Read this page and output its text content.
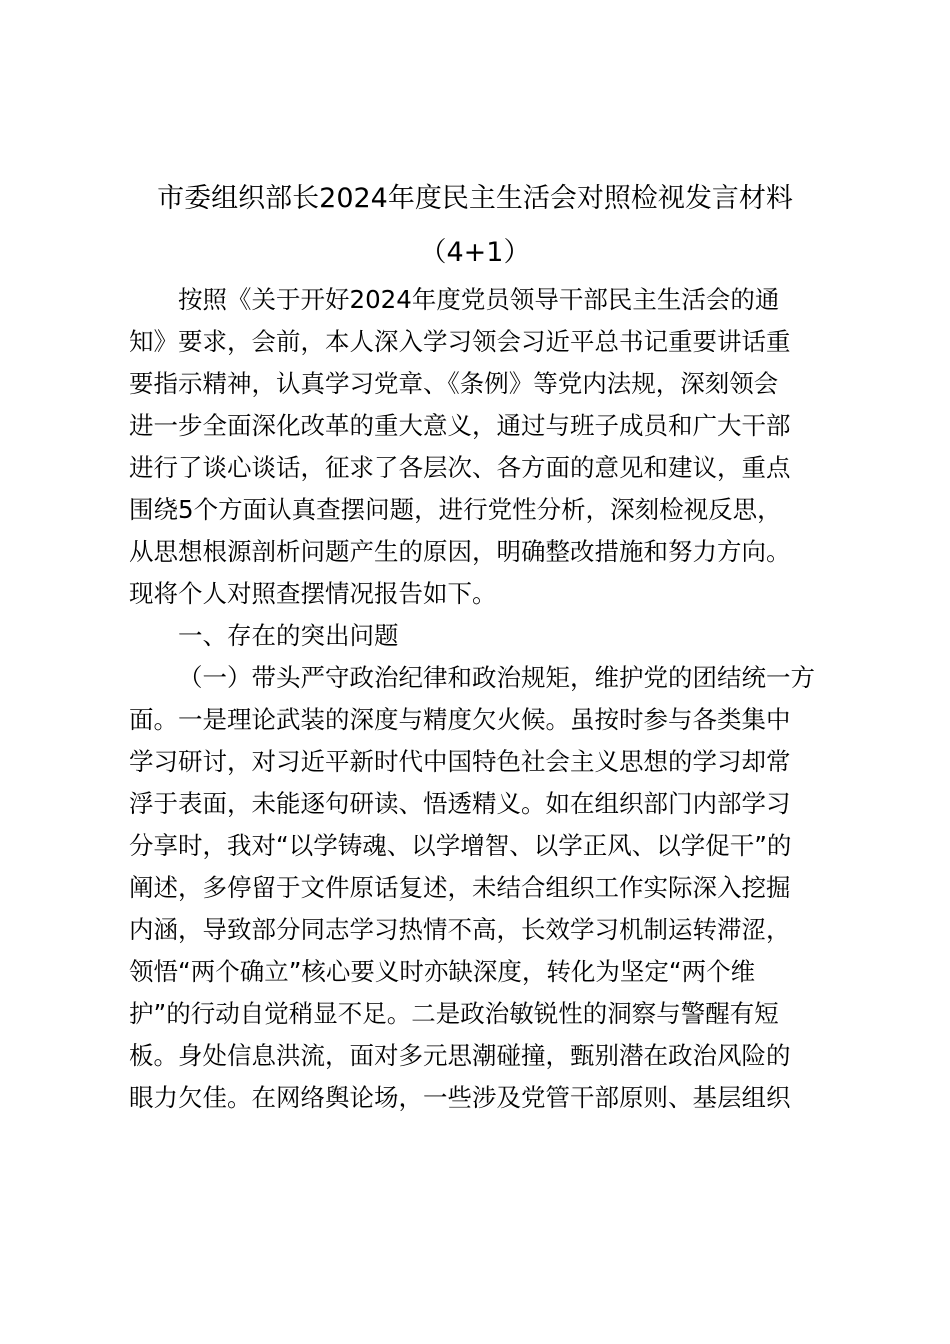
市委组织部长2024年度民主生活会对照检视发言材料
（4+1）
按照《关于开好2024年度党员领导干部民主生活会的通
知》要求，会前，本人深入学习领会习近平总书记重要讲话重
要指示精神，认真学习党章、《条例》等党内法规，深刻领会
进一步全面深化改革的重大意义，通过与班子成员和广大干部
进行了谈心谈话，征求了各层次、各方面的意见和建议，重点
围绕5个方面认真查摆问题，进行党性分析，深刻检视反思，
从思想根源剖析问题产生的原因，明确整改措施和努力方向。
现将个人对照查摆情况报告如下。
一、存在的突出问题
（一）带头严守政治纪律和政治规矩，维护党的团结统一方
面。一是理论武装的深度与精度欠火候。虽按时参与各类集中
学习研讨，对习近平新时代中国特色社会主义思想的学习却常
浮于表面，未能逐句研读、悟透精义。如在组织部门内部学习
分享时，我对“以学铸魂、以学增智、以学正风、以学促干”的
阐述，多停留于文件原话复述，未结合组织工作实际深入挖掘
内涵，导致部分同志学习热情不高，长效学习机制运转滞涩，
领悟“两个确立”核心要义时亦缺深度，转化为坚定“两个维
护”的行动自觉稍显不足。二是政治敏锐性的洞察与警醒有短
板。身处信息洪流，面对多元思潮碰撞，甄别潜在政治风险的
眼力欠佳。在网络舆论场，一些涉及党管干部原则、基层组织
